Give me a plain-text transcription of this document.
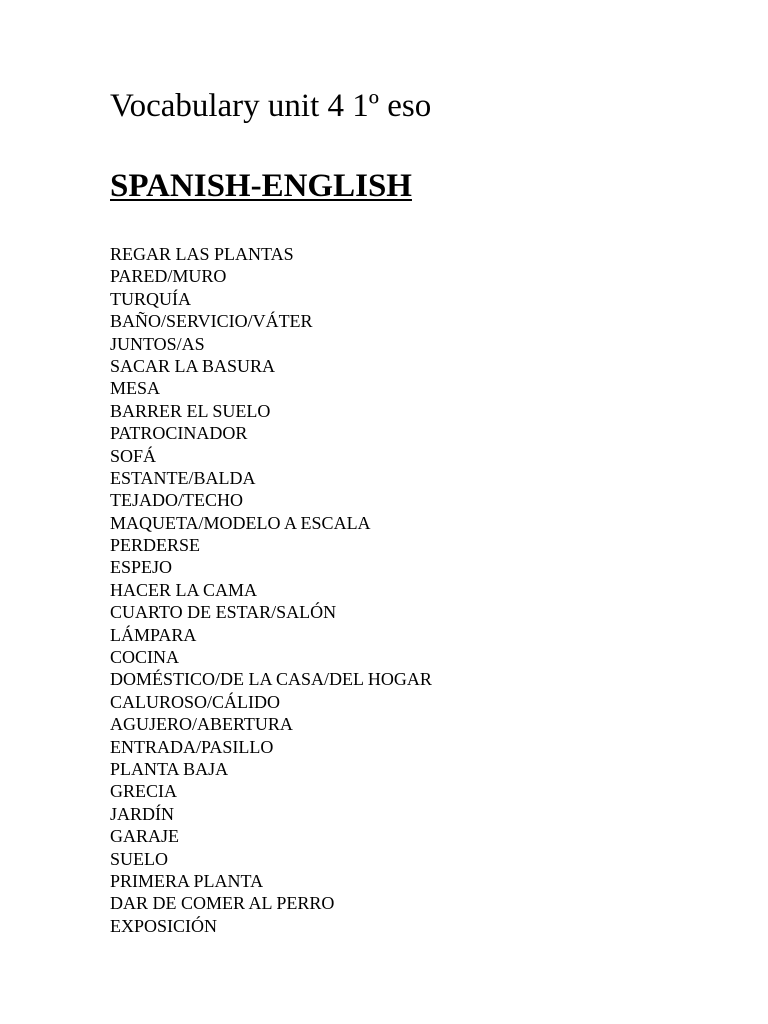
Vocabulary unit 4 1º eso
SPANISH-ENGLISH
REGAR LAS PLANTAS
PARED/MURO
TURQUÍA
BAÑO/SERVICIO/VÁTER
JUNTOS/AS
SACAR LA BASURA
MESA
BARRER EL SUELO
PATROCINADOR
SOFÁ
ESTANTE/BALDA
TEJADO/TECHO
MAQUETA/MODELO A ESCALA
PERDERSE
ESPEJO
HACER LA CAMA
CUARTO DE ESTAR/SALÓN
LÁMPARA
COCINA
DOMÉSTICO/DE LA CASA/DEL HOGAR
CALUROSO/CÁLIDO
AGUJERO/ABERTURA
ENTRADA/PASILLO
PLANTA BAJA
GRECIA
JARDÍN
GARAJE
SUELO
PRIMERA PLANTA
DAR DE COMER AL PERRO
EXPOSICIÓN
